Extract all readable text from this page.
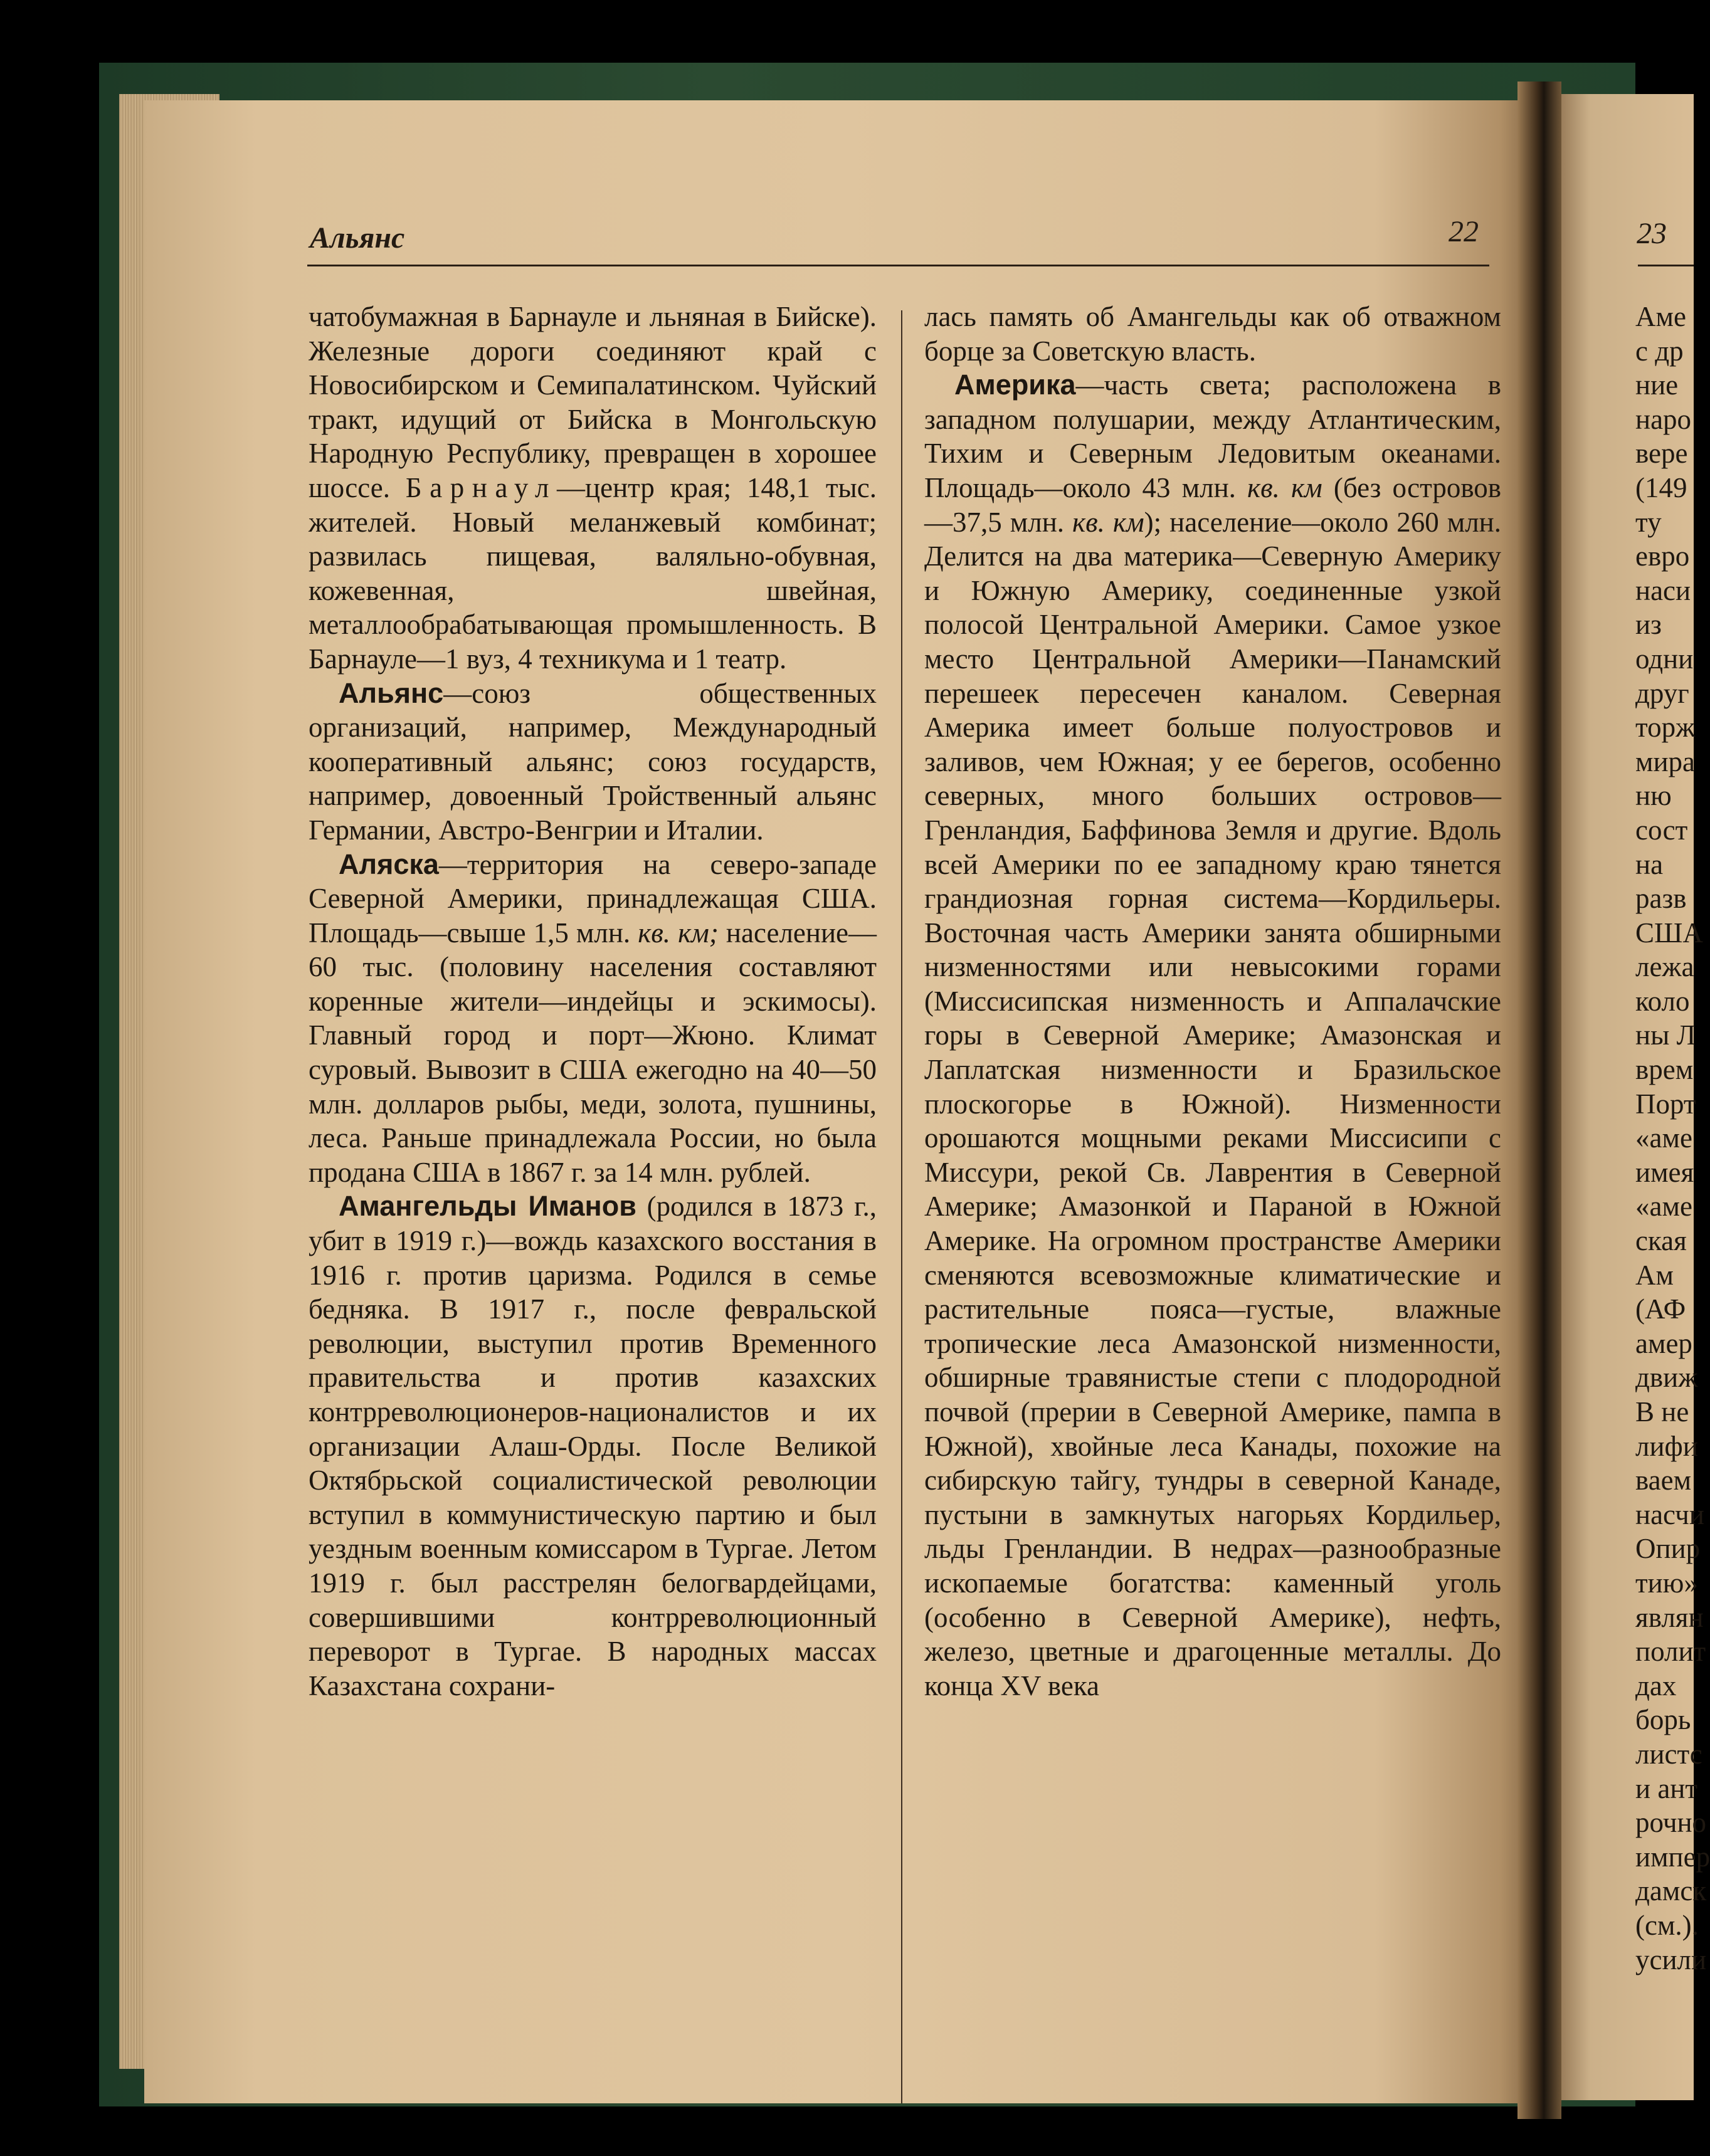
Альянс	22	23

чатобумажная в Барнауле и льняная в Бийске). Железные дороги соединяют край с Новосибирском и Семипалатинском. Чуйский тракт, идущий от Бийска в Монгольскую Народную Республику, превращен в хорошее шоссе. Барнаул—центр края; 148,1 тыс. жителей. Новый меланжевый комбинат; развилась пищевая, валяльно-обувная, кожевенная, швейная, металлообрабатывающая промышленность. В Барнауле—1 вуз, 4 техникума и 1 театр.

Альянс—союз общественных организаций, например, Международный кооперативный альянс; союз государств, например, довоенный Тройственный альянс Германии, Австро-Венгрии и Италии.

Аляска—территория на северо-западе Северной Америки, принадлежащая США. Площадь—свыше 1,5 млн. кв. км; население—60 тыс. (половину населения составляют коренные жители—индейцы и эскимосы). Главный город и порт—Жюно. Климат суровый. Вывозит в США ежегодно на 40—50 млн. долларов рыбы, меди, золота, пушнины, леса. Раньше принадлежала России, но была продана США в 1867 г. за 14 млн. рублей.

Амангельды Иманов (родился в 1873 г., убит в 1919 г.)—вождь казахского восстания в 1916 г. против царизма. Родился в семье бедняка. В 1917 г., после февральской революции, выступил против Временного правительства и против казахских контрреволюционеров-националистов и их организации Алаш-Орды. После Великой Октябрьской социалистической революции вступил в коммунистическую партию и был уездным военным комиссаром в Тургае. Летом 1919 г. был расстрелян белогвардейцами, совершившими контрреволюционный переворот в Тургае. В народных массах Казахстана сохрани-

лась память об Амангельды как об отважном борце за Советскую власть.

Америка—часть света; расположена в западном полушарии, между Атлантическим, Тихим и Северным Ледовитым океанами. Площадь—около 43 млн. кв. км (без островов—37,5 млн. кв. км); население—около 260 млн. Делится на два материка—Северную Америку и Южную Америку, соединенные узкой полосой Центральной Америки. Самое узкое место Центральной Америки—Панамский перешеек пересечен каналом. Северная Америка имеет больше полуостровов и заливов, чем Южная; у ее берегов, особенно северных, много больших островов—Гренландия, Баффинова Земля и другие. Вдоль всей Америки по ее западному краю тянется грандиозная горная система—Кордильеры. Восточная часть Америки занята обширными низменностями или невысокими горами (Миссисипская низменность и Аппалачские горы в Северной Америке; Амазонская и Лаплатская низменности и Бразильское плоскогорье в Южной). Низменности орошаются мощными реками Миссисипи с Миссури, рекой Св. Лаврентия в Северной Америке; Амазонкой и Параной в Южной Америке. На огромном пространстве Америки сменяются всевозможные климатические и растительные пояса—густые, влажные тропические леса Амазонской низменности, обширные травянистые степи с плодородной почвой (прерии в Северной Америке, пампа в Южной), хвойные леса Канады, похожие на сибирскую тайгу, тундры в северной Канаде, пустыни в замкнутых нагорьях Кордильер, льды Гренландии. В недрах—разнообразные ископаемые богатства: каменный уголь (особенно в Северной Америке), нефть, железо, цветные и драгоценные металлы. До конца XV века

Аме
с др
ние
наро
вере
(149
ту
евро
наси
из
одни
друг
торж
мира
ню
сост
на
разв
США
лежа
коло
ны Л
врем
Порт
«аме
имея
«аме
ская
Ам
(АФ
амер
движ
В не
лифи
ваем
насчи
Опир
тию»
являн
полит
дах
борь
листс
и ант
рочно
импер
дамск
(см.).
усили
